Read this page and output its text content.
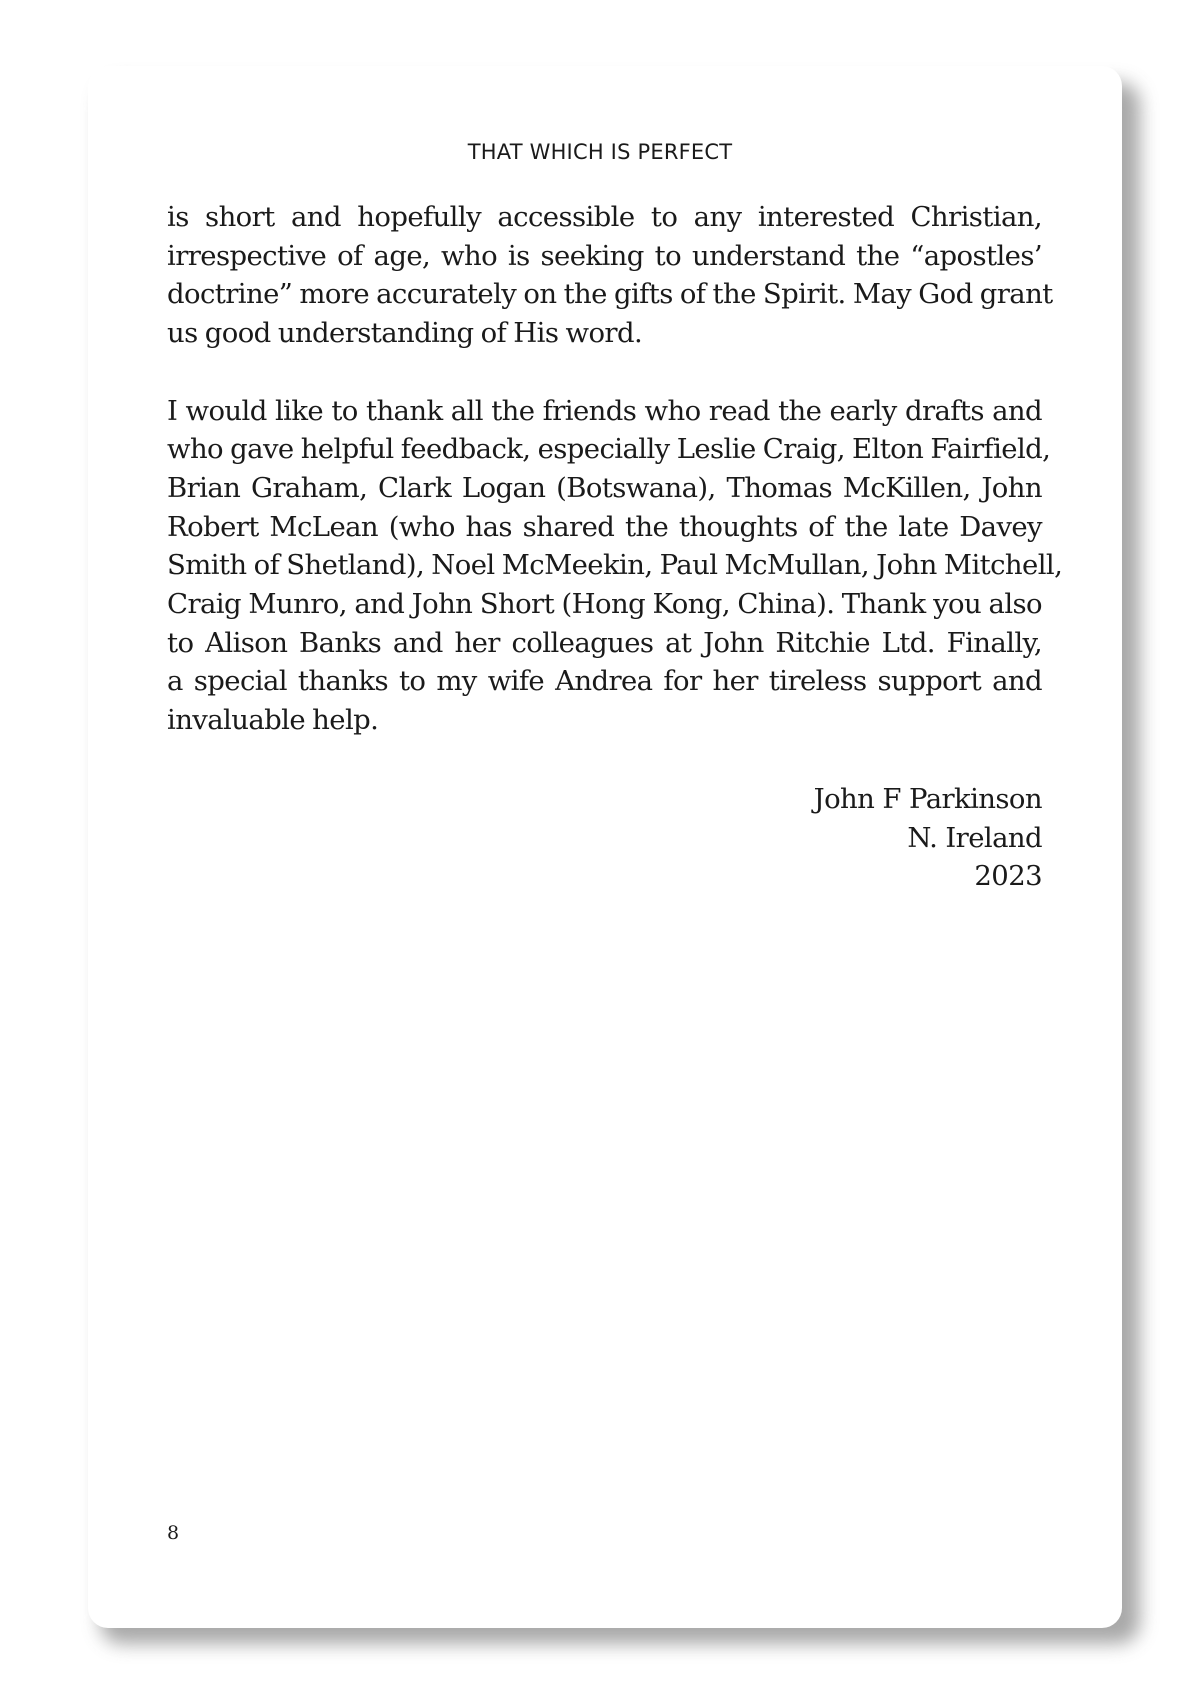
THAT WHICH IS PERFECT

is short and hopefully accessible to any interested Christian,
irrespective of age, who is seeking to understand the “apostles’
doctrine” more accurately on the gifts of the Spirit. May God grant
us good understanding of His word.

I would like to thank all the friends who read the early drafts and
who gave helpful feedback, especially Leslie Craig, Elton Fairfield,
Brian Graham, Clark Logan (Botswana), Thomas McKillen, John
Robert McLean (who has shared the thoughts of the late Davey
Smith of Shetland), Noel McMeekin, Paul McMullan, John Mitchell,
Craig Munro, and John Short (Hong Kong, China). Thank you also
to Alison Banks and her colleagues at John Ritchie Ltd. Finally,
a special thanks to my wife Andrea for her tireless support and
invaluable help.

John F Parkinson
N. Ireland
2023
8
